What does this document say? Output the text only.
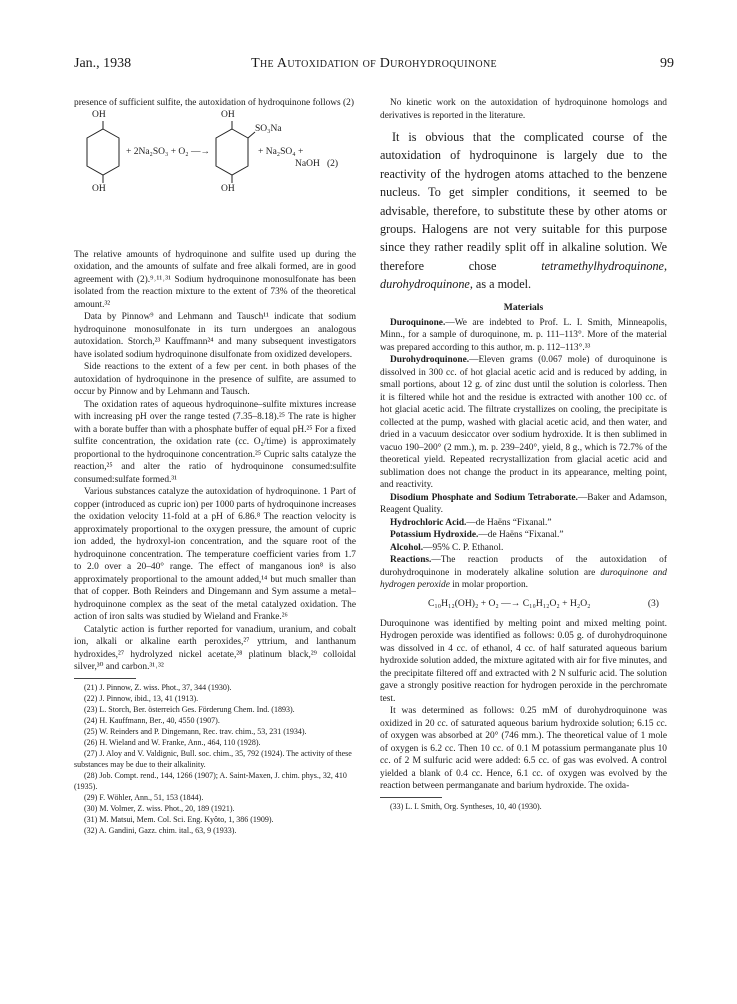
Jan., 1938	The Autoxidation of Durohydroquinone	99

presence of sufficient sulfite, the autoxidation of hydroquinone follows (2)

OH
OH
OH
OH
SO₃Na
+ 2Na₂SO₃ + O₂ —→	+ Na₂SO₄ +
NaOH (2)

The relative amounts of hydroquinone and sulfite used up during the oxidation, and the amounts of sulfate and free alkali formed, are in good agreement with (2).⁹˒¹¹˒³¹ Sodium hydroquinone monosulfonate has been isolated from the reaction mixture to the extent of 73% of the theoretical amount.³²

Data by Pinnow⁹ and Lehmann and Tausch¹¹ indicate that sodium hydroquinone monosulfonate in its turn undergoes an analogous autoxidation. Storch,²³ Kauffmann²⁴ and many subsequent investigators have isolated sodium hydroquinone disulfonate from oxidized developers.

Side reactions to the extent of a few per cent. in both phases of the autoxidation of hydroquinone in the presence of sulfite, are assumed to occur by Pinnow and by Lehmann and Tausch.

The oxidation rates of aqueous hydroquinone–sulfite mixtures increase with increasing pH over the range tested (7.35–8.18).²⁵ The rate is higher with a borate buffer than with a phosphate buffer of equal pH.²⁵ For a fixed sulfite concentration, the oxidation rate (cc. O₂/time) is approximately proportional to the hydroquinone concentration.²⁵ Cupric salts catalyze the reaction,²⁵ and alter the ratio of hydroquinone consumed:sulfite consumed:sulfate formed.³¹

Various substances catalyze the autoxidation of hydroquinone. 1 Part of copper (introduced as cupric ion) per 1000 parts of hydroquinone increases the oxidation velocity 11-fold at a pH of 6.86.⁸ The reaction velocity is approximately proportional to the oxygen pressure, the amount of cupric ion added, the hydroxyl-ion concentration, and the square root of the hydroquinone concentration. The temperature coefficient varies from 1.7 to 2.0 over a 20–40° range. The effect of manganous ion⁸ is also approximately proportional to the amount added,¹⁴ but much smaller than that of copper. Both Reinders and Dingemann and Sym assume a metal–hydroquinone complex as the seat of the metal catalyzed oxidation. The action of iron salts was studied by Wieland and Franke.²⁶

Catalytic action is further reported for vanadium, uranium, and cobalt ion, alkali or alkaline earth peroxides,²⁷ yttrium, and lanthanum hydroxides,²⁷ hydrolyzed nickel acetate,²⁸ platinum black,²⁹ colloidal silver,³⁰ and carbon.³¹˒³²

(21) J. Pinnow, Z. wiss. Phot., 37, 344 (1930).

(22) J. Pinnow, ibid., 13, 41 (1913).

(23) L. Storch, Ber. österreich Ges. Förderung Chem. Ind. (1893).

(24) H. Kauffmann, Ber., 40, 4550 (1907).

(25) W. Reinders and P. Dingemann, Rec. trav. chim., 53, 231 (1934).

(26) H. Wieland and W. Franke, Ann., 464, 110 (1928).

(27) J. Aloy and V. Valdignic, Bull. soc. chim., 35, 792 (1924). The activity of these substances may be due to their alkalinity.

(28) Job. Compt. rend., 144, 1266 (1907); A. Saint-Maxen, J. chim. phys., 32, 410 (1935).

(29) F. Wöhler, Ann., 51, 153 (1844).

(30) M. Volmer, Z. wiss. Phot., 20, 189 (1921).

(31) M. Matsui, Mem. Col. Sci. Eng. Kyôto, 1, 386 (1909).

(32) A. Gandini, Gazz. chim. ital., 63, 9 (1933).

No kinetic work on the autoxidation of hydroquinone homologs and derivatives is reported in the literature.

It is obvious that the complicated course of the autoxidation of hydroquinone is largely due to the reactivity of the hydrogen atoms attached to the benzene nucleus. To get simpler conditions, it seemed to be advisable, therefore, to substitute these by other atoms or groups. Halogens are not very suitable for this purpose since they rather readily split off in alkaline solution. We therefore chose tetramethylhydroquinone, durohydroquinone, as a model.

Materials

Duroquinone.—We are indebted to Prof. L. I. Smith, Minneapolis, Minn., for a sample of duroquinone, m. p. 111–113°. More of the material was prepared according to this author, m. p. 112–113°.³³

Durohydroquinone.—Eleven grams (0.067 mole) of duroquinone is dissolved in 300 cc. of hot glacial acetic acid and is reduced by adding, in small portions, about 12 g. of zinc dust until the solution is colorless. Then it is filtered while hot and the residue is extracted with another 100 cc. of hot glacial acetic acid. The filtrate crystallizes on cooling, the precipitate is collected at the pump, washed with glacial acetic acid, and then water, and dried in a vacuum desiccator over sodium hydroxide. It is then sublimed in vacuo 190–200° (2 mm.), m. p. 239–240°, yield, 8 g., which is 72.7% of the theoretical yield. Repeated recrystallization from glacial acetic acid and sublimation does not change the product in its appearance, melting point, and reactivity.

Disodium Phosphate and Sodium Tetraborate.—Baker and Adamson, Reagent Quality.

Hydrochloric Acid.—de Haëns “Fixanal.”

Potassium Hydroxide.—de Haëns “Fixanal.”

Alcohol.—95% C. P. Ethanol.

Reactions.—The reaction products of the autoxidation of durohydroquinone in moderately alkaline solution are duroquinone and hydrogen peroxide in molar proportion.

C₁₀H₁₂(OH)₂ + O₂ —→ C₁₀H₁₂O₂ + H₂O₂	(3)

Duroquinone was identified by melting point and mixed melting point. Hydrogen peroxide was identified as follows: 0.05 g. of durohydroquinone was dissolved in 4 cc. of ethanol, 4 cc. of half saturated aqueous barium hydroxide solution added, the mixture agitated with air for five minutes, and the precipitate filtered off and extracted with 2 N sulfuric acid. The solution gave a strongly positive reaction for hydrogen peroxide in the perchromate test.

It was determined as follows: 0.25 mM of durohydroquinone was oxidized in 20 cc. of saturated aqueous barium hydroxide solution; 6.15 cc. of oxygen was absorbed at 20° (746 mm.). The theoretical value of 1 mole of oxygen is 6.2 cc. Then 10 cc. of 0.1 M potassium permanganate plus 10 cc. of 2 M sulfuric acid were added: 6.5 cc. of gas was evolved. A control yielded a blank of 0.4 cc. Hence, 6.1 cc. of oxygen was evolved by the reaction between permanganate and barium hydroxide. The oxida-

(33) L. I. Smith, Org. Syntheses, 10, 40 (1930).
